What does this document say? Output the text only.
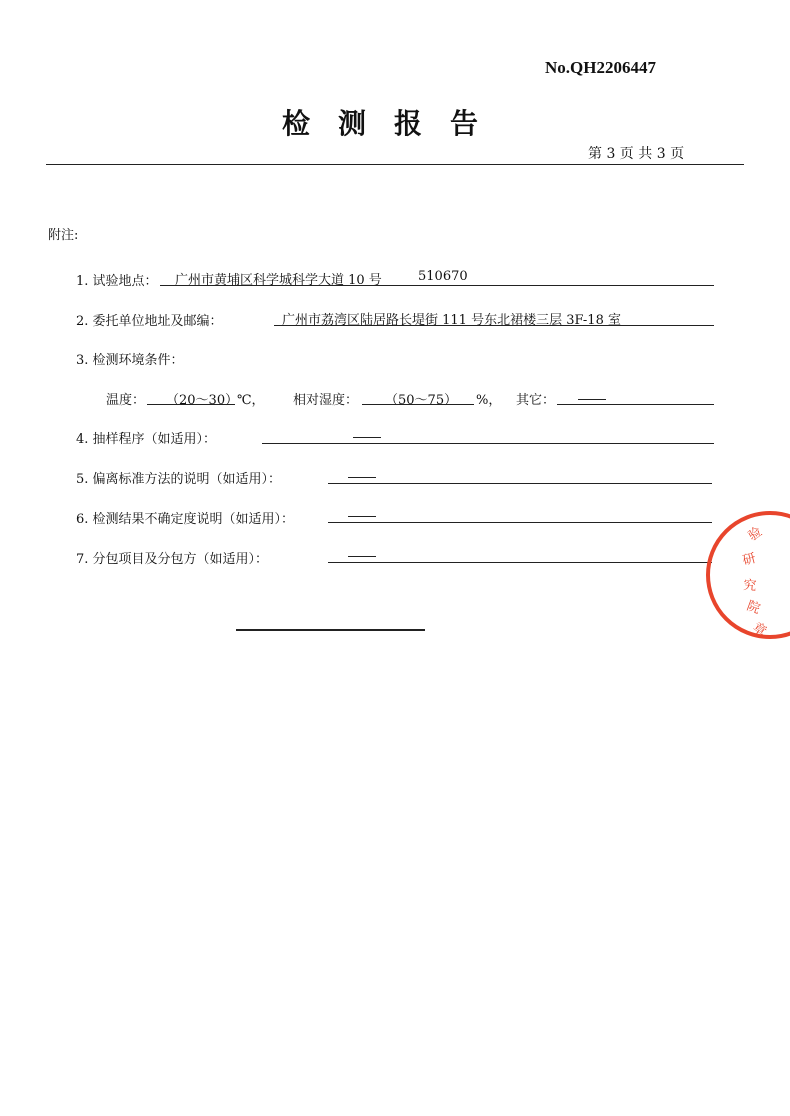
No.QH2206447
检测报告
第 3 页 共 3 页
附注:
1. 试验地点： 广州市黄埔区科学城科学大道 10 号	510670
2. 委托单位地址及邮编：	广州市荔湾区陆居路长堤街 111 号东北裙楼三层 3F-18 室
3. 检测环境条件：
温度： （20～30）
℃， 相对湿度： （50～75） %， 其它：
4. 抽样程序（如适用）：
5. 偏离标准方法的说明（如适用）：
6. 检测结果不确定度说明（如适用）：
7. 分包项目及分包方（如适用）：
验
研
究
院
章
